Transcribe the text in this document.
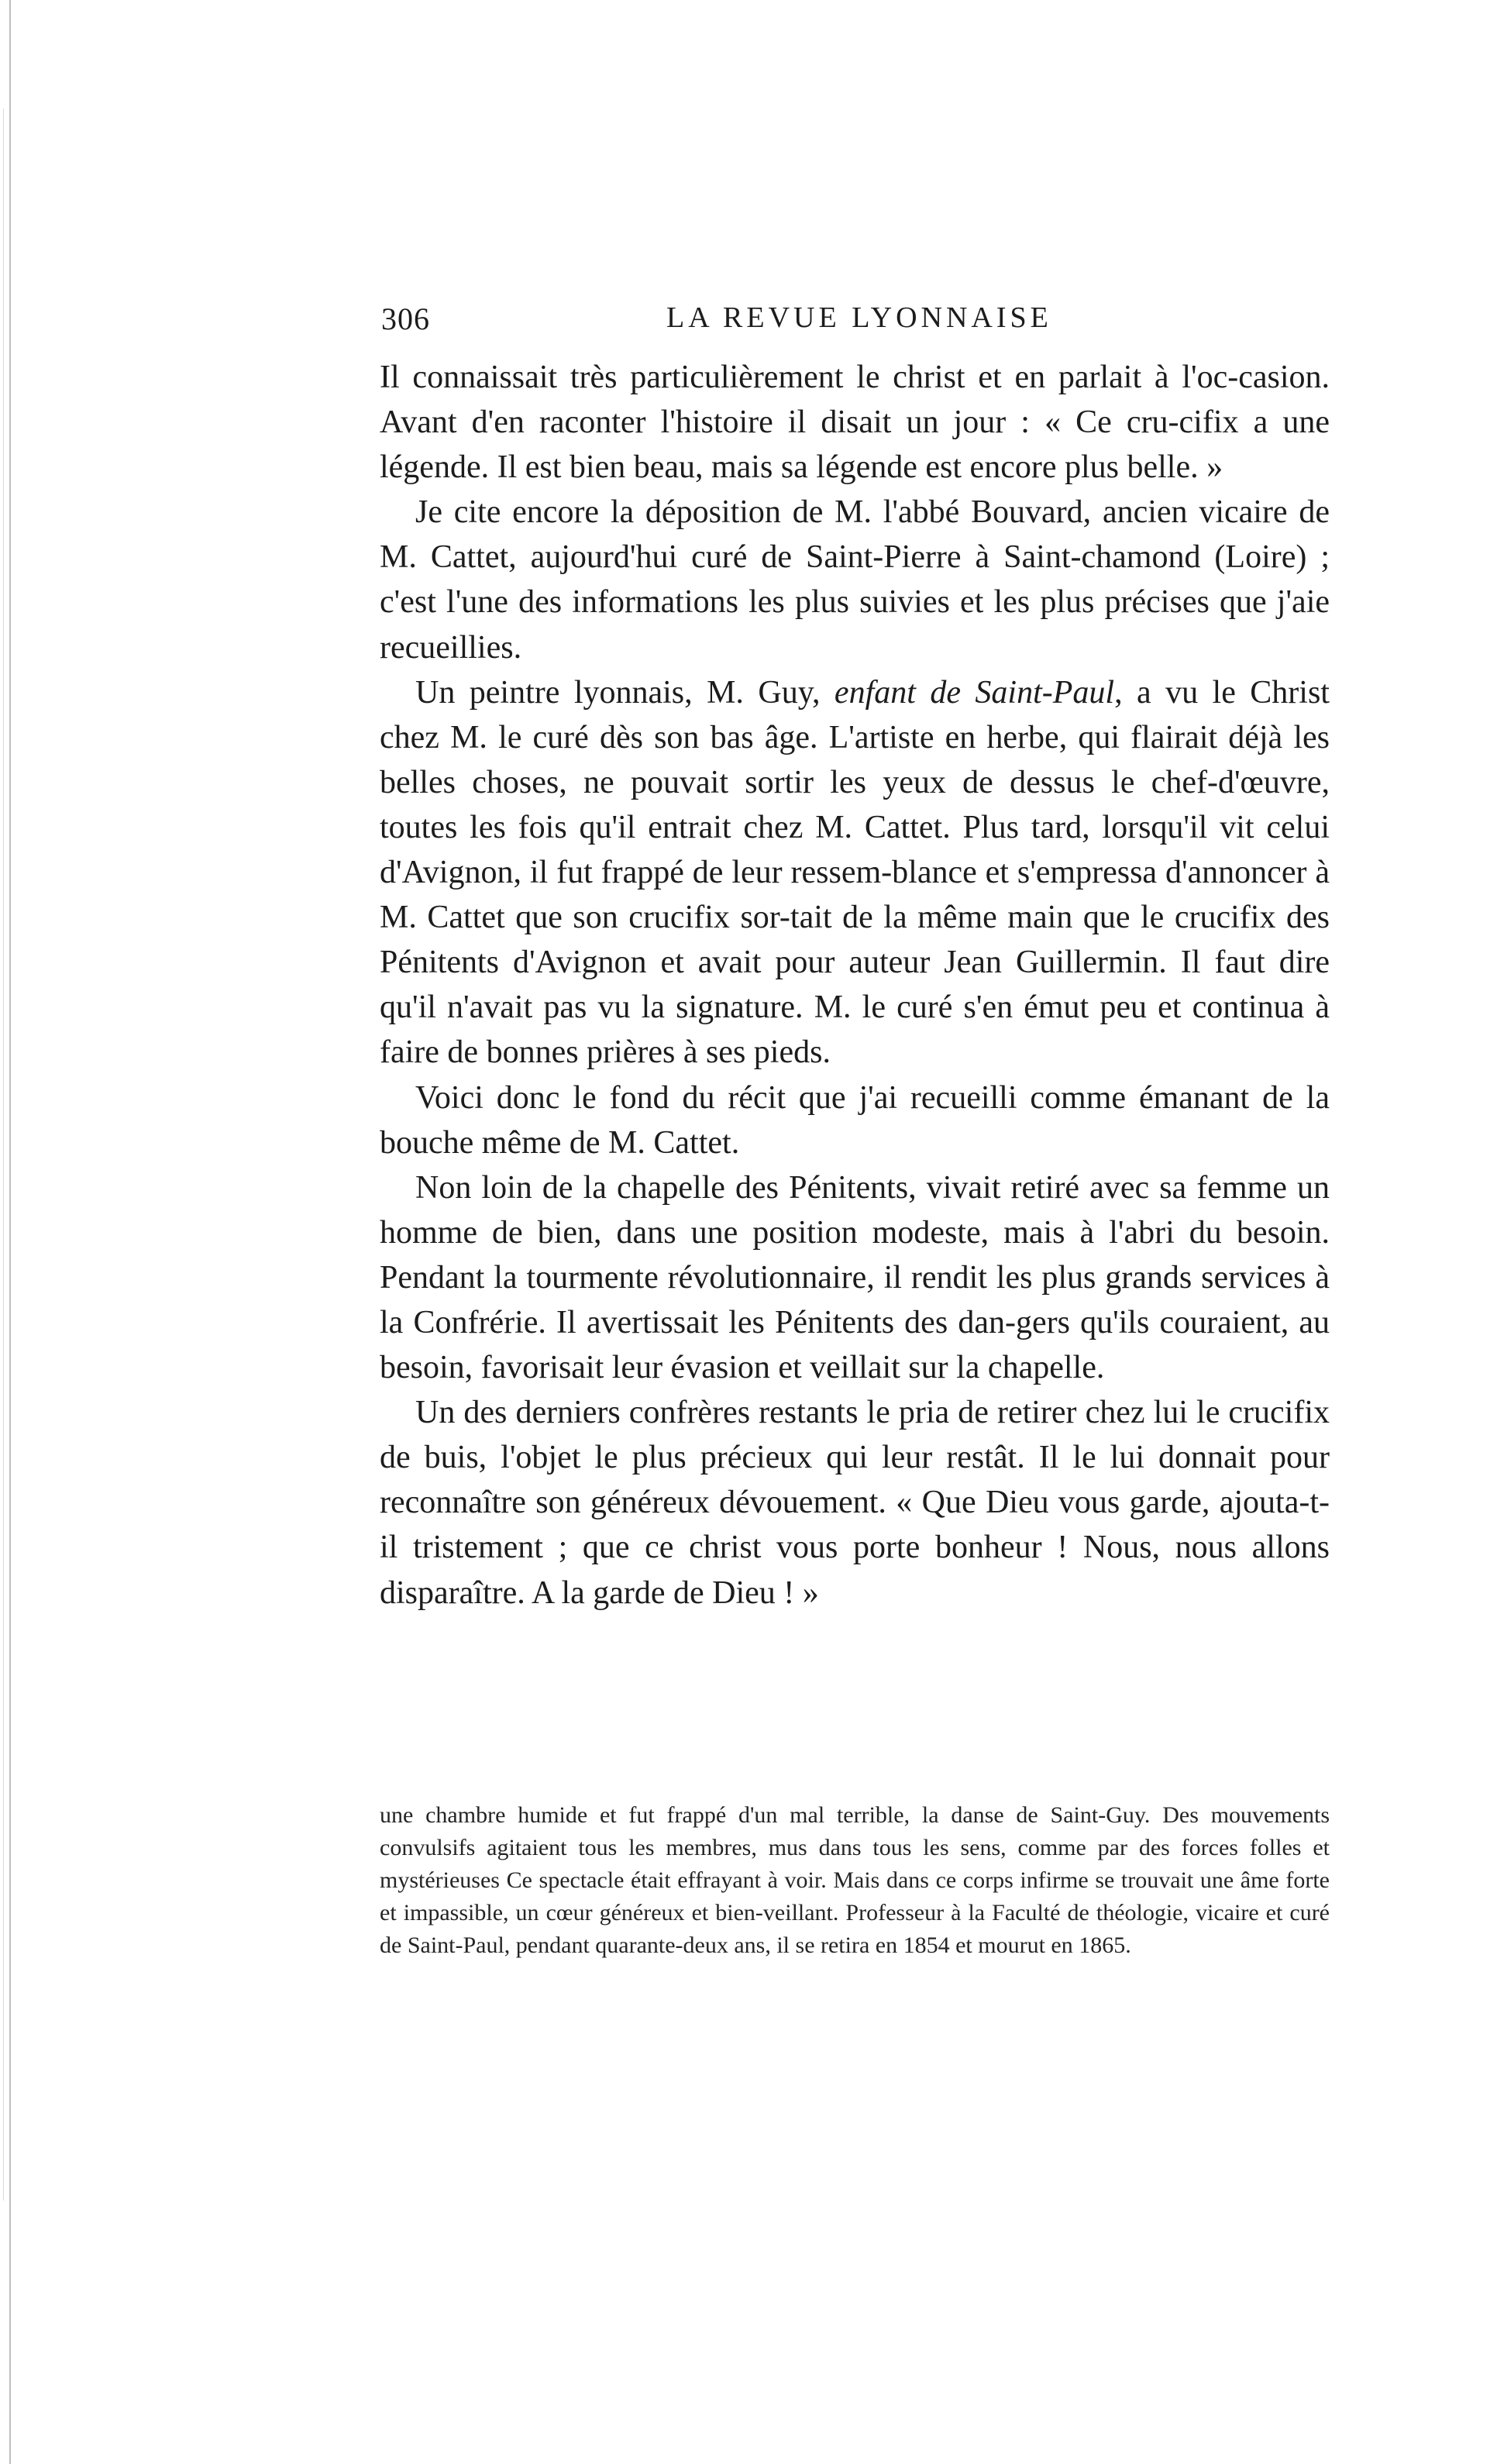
306	LA REVUE LYONNAISE

Il connaissait très particulièrement le christ et en parlait à l'oc-casion. Avant d'en raconter l'histoire il disait un jour : « Ce cru-cifix a une légende. Il est bien beau, mais sa légende est encore plus belle. »

Je cite encore la déposition de M. l'abbé Bouvard, ancien vicaire de M. Cattet, aujourd'hui curé de Saint-Pierre à Saint-chamond (Loire) ; c'est l'une des informations les plus suivies et les plus précises que j'aie recueillies.

Un peintre lyonnais, M. Guy, enfant de Saint-Paul, a vu le Christ chez M. le curé dès son bas âge. L'artiste en herbe, qui flairait déjà les belles choses, ne pouvait sortir les yeux de dessus le chef-d'œuvre, toutes les fois qu'il entrait chez M. Cattet. Plus tard, lorsqu'il vit celui d'Avignon, il fut frappé de leur ressem-blance et s'empressa d'annoncer à M. Cattet que son crucifix sor-tait de la même main que le crucifix des Pénitents d'Avignon et avait pour auteur Jean Guillermin. Il faut dire qu'il n'avait pas vu la signature. M. le curé s'en émut peu et continua à faire de bonnes prières à ses pieds.

Voici donc le fond du récit que j'ai recueilli comme émanant de la bouche même de M. Cattet.

Non loin de la chapelle des Pénitents, vivait retiré avec sa femme un homme de bien, dans une position modeste, mais à l'abri du besoin. Pendant la tourmente révolutionnaire, il rendit les plus grands services à la Confrérie. Il avertissait les Pénitents des dan-gers qu'ils couraient, au besoin, favorisait leur évasion et veillait sur la chapelle.

Un des derniers confrères restants le pria de retirer chez lui le crucifix de buis, l'objet le plus précieux qui leur restât. Il le lui donnait pour reconnaître son généreux dévouement. « Que Dieu vous garde, ajouta-t-il tristement ; que ce christ vous porte bonheur ! Nous, nous allons disparaître. A la garde de Dieu ! »

une chambre humide et fut frappé d'un mal terrible, la danse de Saint-Guy. Des mouvements convulsifs agitaient tous les membres, mus dans tous les sens, comme par des forces folles et mystérieuses Ce spectacle était effrayant à voir. Mais dans ce corps infirme se trouvait une âme forte et impassible, un cœur généreux et bien-veillant. Professeur à la Faculté de théologie, vicaire et curé de Saint-Paul, pendant quarante-deux ans, il se retira en 1854 et mourut en 1865.
